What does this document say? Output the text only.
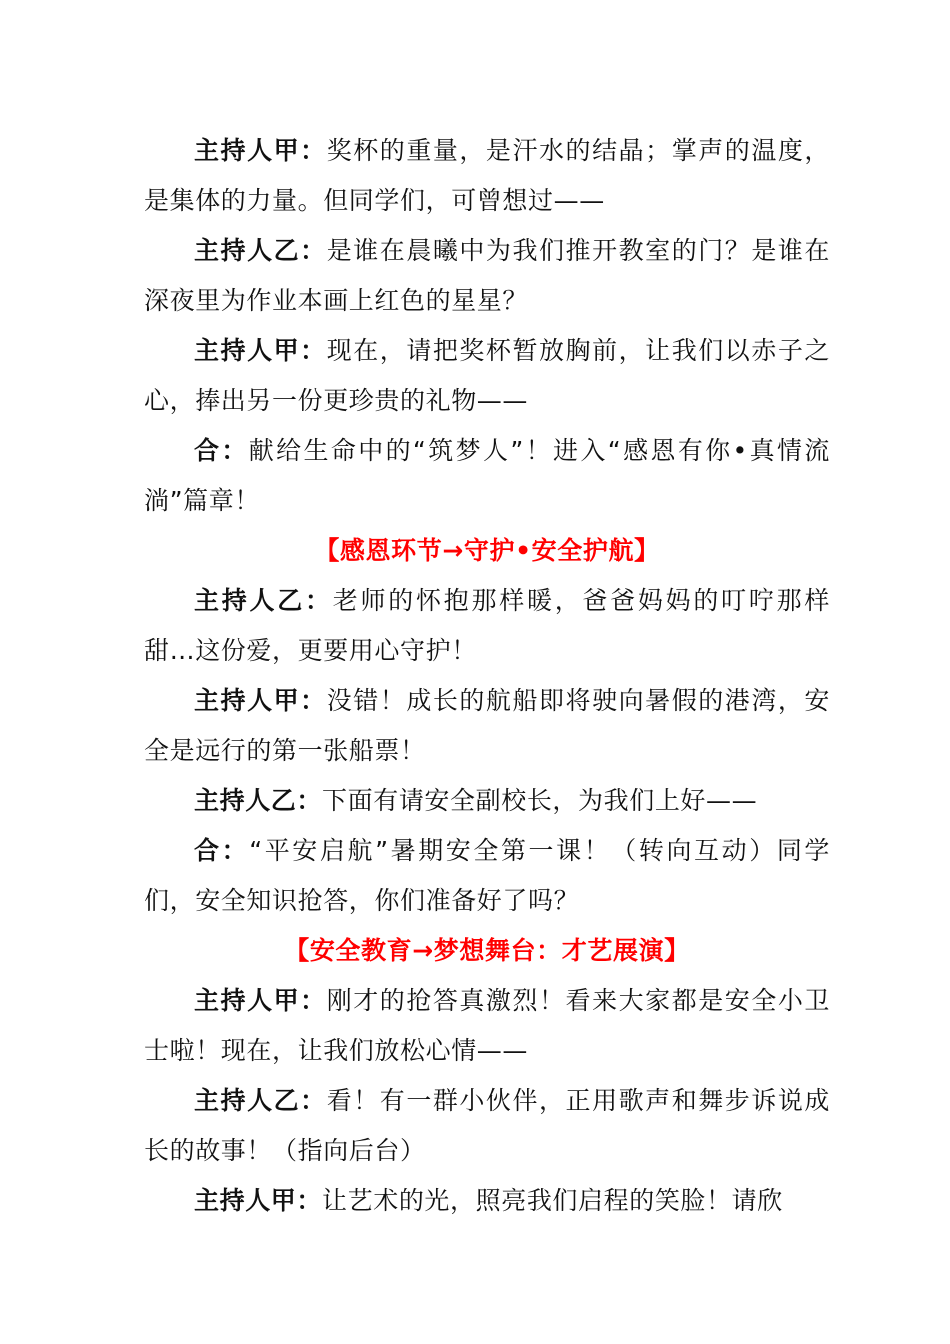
主持人甲：奖杯的重量，是汗水的结晶；掌声的温度，是集体的力量。但同学们，可曾想过——

主持人乙：是谁在晨曦中为我们推开教室的门？是谁在深夜里为作业本画上红色的星星？

主持人甲：现在，请把奖杯暂放胸前，让我们以赤子之心，捧出另一份更珍贵的礼物——

合：献给生命中的“筑梦人”！进入“感恩有你•真情流淌”篇章！

【感恩环节→守护•安全护航】

主持人乙：老师的怀抱那样暖，爸爸妈妈的叮咛那样甜…这份爱，更要用心守护！

主持人甲：没错！成长的航船即将驶向暑假的港湾，安全是远行的第一张船票！

主持人乙：下面有请安全副校长，为我们上好——

合：“平安启航”暑期安全第一课！（转向互动）同学们，安全知识抢答，你们准备好了吗？

【安全教育→梦想舞台：才艺展演】

主持人甲：刚才的抢答真激烈！看来大家都是安全小卫士啦！现在，让我们放松心情——

主持人乙：看！有一群小伙伴，正用歌声和舞步诉说成长的故事！（指向后台）

主持人甲：让艺术的光，照亮我们启程的笑脸！请欣
